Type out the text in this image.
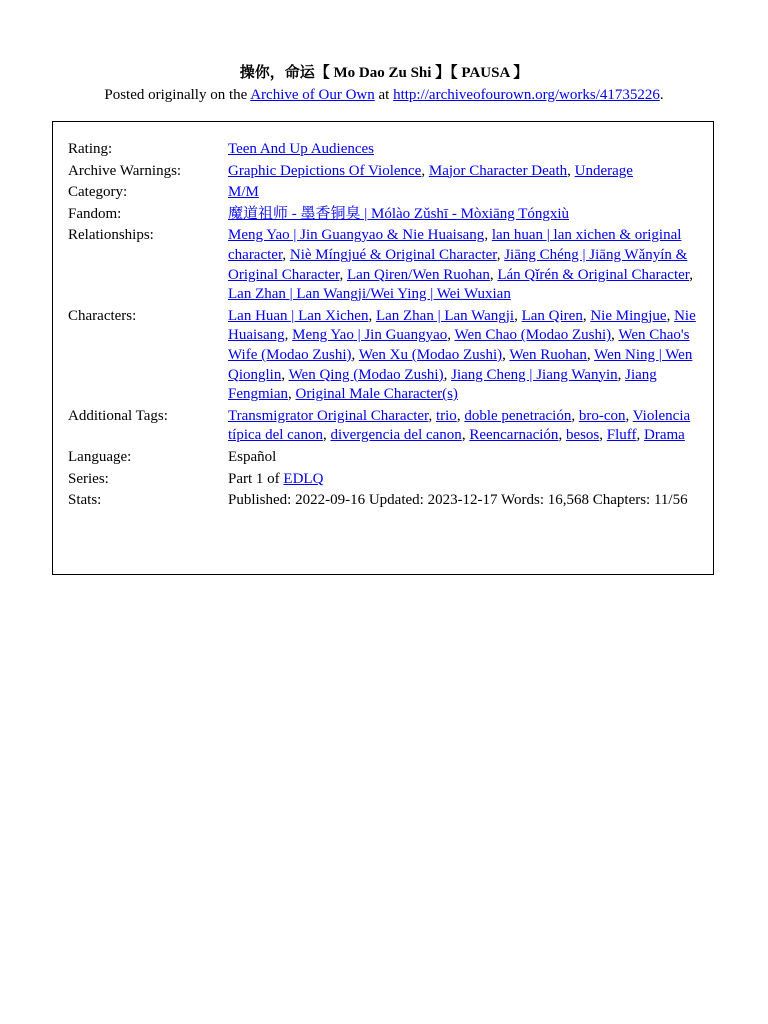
操你，命运【 Mo Dao Zu Shi 】【 PAUSA 】
Posted originally on the Archive of Our Own at http://archiveofourown.org/works/41735226.
Rating:	Teen And Up Audiences
Archive Warnings:	Graphic Depictions Of Violence, Major Character Death, Underage
Category:	M/M
Fandom:	魔道祖师 - 墨香铜臭 | Mólào Zǔshī - Mòxiāng Tóngxiù
Relationships:	Meng Yao | Jin Guangyao & Nie Huaisang, lan huan | lan xichen & original character, Niè Míngjué & Original Character, Jiāng Chéng | Jiāng Wǎnyín & Original Character, Lan Qiren/Wen Ruohan, Lán Qǐrén & Original Character, Lan Zhan | Lan Wangji/Wei Ying | Wei Wuxian
Characters:	Lan Huan | Lan Xichen, Lan Zhan | Lan Wangji, Lan Qiren, Nie Mingjue, Nie Huaisang, Meng Yao | Jin Guangyao, Wen Chao (Modao Zushi), Wen Chao's Wife (Modao Zushi), Wen Xu (Modao Zushi), Wen Ruohan, Wen Ning | Wen Qionglin, Wen Qing (Modao Zushi), Jiang Cheng | Jiang Wanyin, Jiang Fengmian, Original Male Character(s)
Additional Tags:	Transmigrator Original Character, trio, doble penetración, bro-con, Violencia típica del canon, divergencia del canon, Reencarnación, besos, Fluff, Drama
Language:	Español
Series:	Part 1 of EDLQ
Stats:	Published: 2022-09-16 Updated: 2023-12-17 Words: 16,568 Chapters: 11/56
